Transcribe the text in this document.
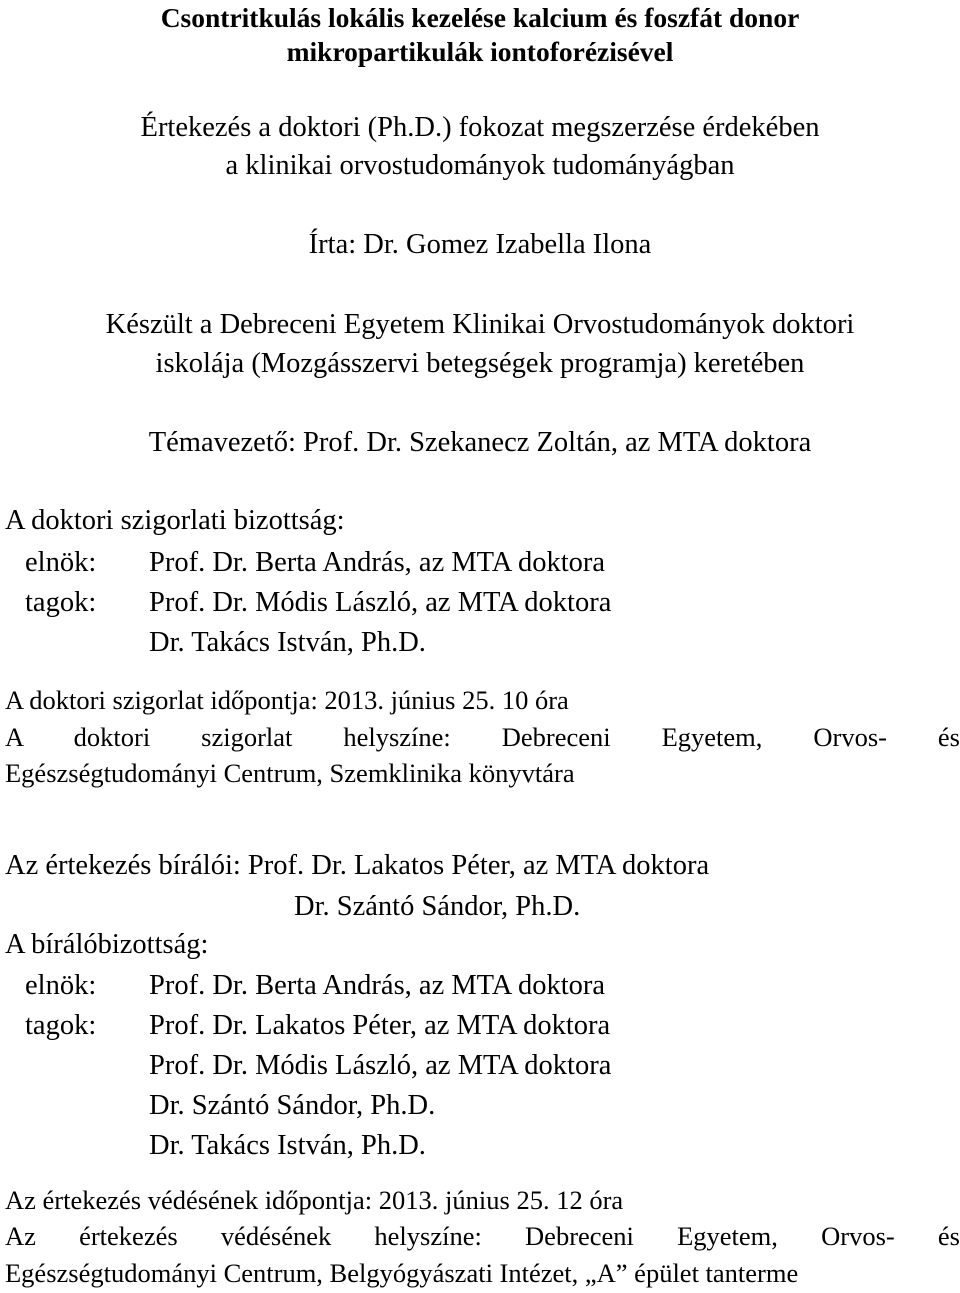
Csontritkulás lokális kezelése kalcium és foszfát donor
mikropartikulák iontoforézisével
Értekezés a doktori (Ph.D.) fokozat megszerzése érdekében
a klinikai orvostudományok tudományágban
Írta: Dr. Gomez Izabella Ilona
Készült a Debreceni Egyetem Klinikai Orvostudományok doktori
iskolája (Mozgásszervi betegségek programja) keretében
Témavezető: Prof. Dr. Szekanecz Zoltán, az MTA doktora
A doktori szigorlati bizottság:
elnök: Prof. Dr. Berta András, az MTA doktora
tagok: Prof. Dr. Módis László, az MTA doktora
Dr. Takács István, Ph.D.
A doktori szigorlat időpontja: 2013. június 25. 10 óra
A doktori szigorlat helyszíne: Debreceni Egyetem, Orvos- és
Egészségtudományi Centrum, Szemklinika könyvtára
Az értekezés bírálói: Prof. Dr. Lakatos Péter, az MTA doktora
Dr. Szántó Sándor, Ph.D.
A bírálóbizottság:
elnök: Prof. Dr. Berta András, az MTA doktora
tagok: Prof. Dr. Lakatos Péter, az MTA doktora
Prof. Dr. Módis László, az MTA doktora
Dr. Szántó Sándor, Ph.D.
Dr. Takács István, Ph.D.
Az értekezés védésének időpontja: 2013. június 25. 12 óra
Az értekezés védésének helyszíne: Debreceni Egyetem, Orvos- és
Egészségtudományi Centrum, Belgyógyászati Intézet, „A” épület tanterme
